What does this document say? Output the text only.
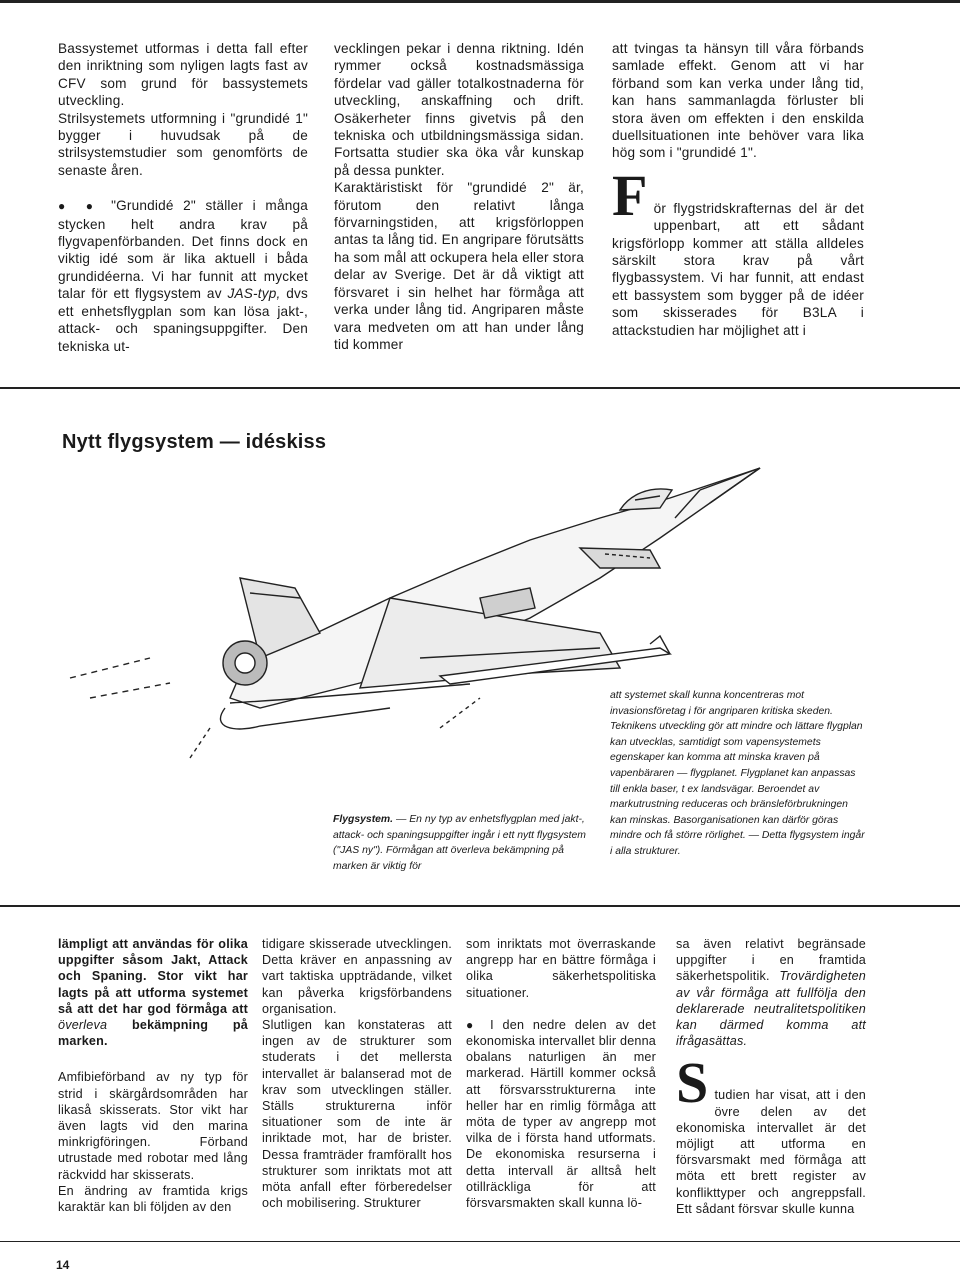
Bassystemet utformas i detta fall efter den inriktning som nyligen lagts fast av CFV som grund för bassystemets utveckling.

Strilsystemets utformning i "grundidé 1" bygger i huvudsak på de strilsystemstudier som genomförts de senaste åren.

● ● "Grundidé 2" ställer i många stycken helt andra krav på flygvapenförbanden. Det finns dock en viktig idé som är lika aktuell i båda grundidéerna. Vi har funnit att mycket talar för ett flygsystem av JAS-typ, dvs ett enhetsflygplan som kan lösa jakt-, attack- och spaningsuppgifter. Den tekniska ut-

vecklingen pekar i denna riktning. Idén rymmer också kostnadsmässiga fördelar vad gäller totalkostnaderna för utveckling, anskaffning och drift. Osäkerheter finns givetvis på den tekniska och utbildningsmässiga sidan. Fortsatta studier ska öka vår kunskap på dessa punkter.

Karaktäristiskt för "grundidé 2" är, förutom den relativt långa förvarningstiden, att krigsförloppen antas ta lång tid. En angripare förutsätts ha som mål att ockupera hela eller stora delar av Sverige. Det är då viktigt att försvaret i sin helhet har förmåga att verka under lång tid. Angriparen måste vara medveten om att han under lång tid kommer

att tvingas ta hänsyn till våra förbands samlade effekt. Genom att vi har förband som kan verka under lång tid, kan hans sammanlagda förluster bli stora även om effekten i den enskilda duellsituationen inte behöver vara lika hög som i "grundidé 1".

F ör flygstridskrafternas del är det uppenbart, att ett sådant krigsförlopp kommer att ställa alldeles särskilt stora krav på vårt flygbassystem. Vi har funnit, att endast ett bassystem som bygger på de idéer som skisserades för B3LA i attackstudien har möjlighet att i

Nytt flygsystem — idéskiss
Flygsystem. — En ny typ av enhetsflygplan med jakt-, attack- och spaningsuppgifter ingår i ett nytt flygsystem ("JAS ny"). Förmågan att överleva bekämpning på marken är viktig för
att systemet skall kunna koncentreras mot invasionsföretag i för angriparen kritiska skeden. Teknikens utveckling gör att mindre och lättare flygplan kan utvecklas, samtidigt som vapensystemets egenskaper kan komma att minska kraven på vapenbäraren — flygplanet. Flygplanet kan anpassas till enkla baser, t ex landsvägar. Beroendet av markutrustning reduceras och bränsleförbrukningen kan minskas. Basorganisationen kan därför göras mindre och få större rörlighet. — Detta flygsystem ingår i alla strukturer.

lämpligt att användas för olika uppgifter såsom Jakt, Attack och Spaning. Stor vikt har lagts på att utforma systemet så att det har god förmåga att överleva bekämpning på marken.

Amfibieförband av ny typ för strid i skärgårdsområden har likaså skisserats. Stor vikt har även lagts vid den marina minkrigföringen. Förband utrustade med robotar med lång räckvidd har skisserats.

En ändring av framtida krigs karaktär kan bli följden av den

tidigare skisserade utvecklingen. Detta kräver en anpassning av vart taktiska uppträdande, vilket kan påverka krigsförbandens organisation.

Slutligen kan konstateras att ingen av de strukturer som studerats i det mellersta intervallet är balanserad mot de krav som utvecklingen ställer. Ställs strukturerna inför situationer som de inte är inriktade mot, har de brister. Dessa framträder framförallt hos strukturer som inriktats mot att möta anfall efter förberedelser och mobilisering. Strukturer

som inriktats mot överraskande angrepp har en bättre förmåga i olika säkerhetspolitiska situationer.

● I den nedre delen av det ekonomiska intervallet blir denna obalans naturligen än mer markerad. Härtill kommer också att försvarsstrukturerna inte heller har en rimlig förmåga att möta de typer av angrepp mot vilka de i första hand utformats. De ekonomiska resurserna i detta intervall är alltså helt otillräckliga för att försvarsmakten skall kunna lö-

sa även relativt begränsade uppgifter i en framtida säkerhetspolitik. Trovärdigheten av vår förmåga att fullfölja den deklarerade neutralitetspolitiken kan därmed komma att ifrågasättas.

S tudien har visat, att i den övre delen av det ekonomiska intervallet är det möjligt att utforma en försvarsmakt med förmåga att möta ett brett register av konflikttyper och angreppsfall. Ett sådant försvar skulle kunna

14
